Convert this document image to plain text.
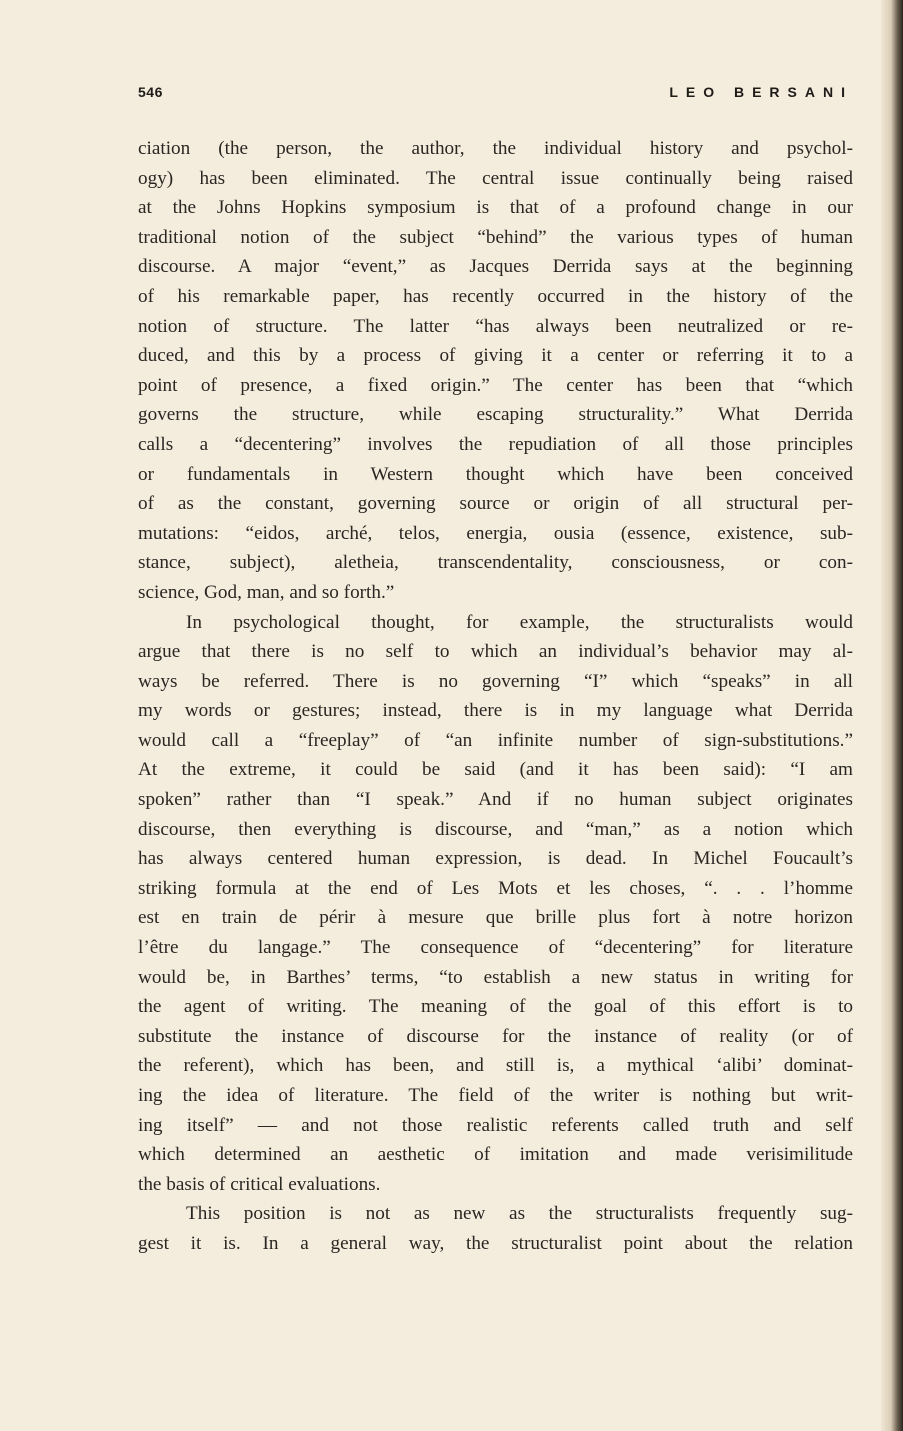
546	LEO BERSANI
ciation (the person, the author, the individual history and psychol-
ogy) has been eliminated. The central issue continually being raised
at the Johns Hopkins symposium is that of a profound change in our
traditional notion of the subject “behind” the various types of human
discourse. A major “event,” as Jacques Derrida says at the beginning
of his remarkable paper, has recently occurred in the history of the
notion of structure. The latter “has always been neutralized or re-
duced, and this by a process of giving it a center or referring it to a
point of presence, a fixed origin.” The center has been that “which
governs the structure, while escaping structurality.” What Derrida
calls a “decentering” involves the repudiation of all those principles
or fundamentals in Western thought which have been conceived
of as the constant, governing source or origin of all structural per-
mutations: “eidos, arché, telos, energia, ousia (essence, existence, sub-
stance, subject), aletheia, transcendentality, consciousness, or con-
science, God, man, and so forth.”
In psychological thought, for example, the structuralists would
argue that there is no self to which an individual’s behavior may al-
ways be referred. There is no governing “I” which “speaks” in all
my words or gestures; instead, there is in my language what Derrida
would call a “freeplay” of “an infinite number of sign-substitutions.”
At the extreme, it could be said (and it has been said): “I am
spoken” rather than “I speak.” And if no human subject originates
discourse, then everything is discourse, and “man,” as a notion which
has always centered human expression, is dead. In Michel Foucault’s
striking formula at the end of Les Mots et les choses, “. . . l’homme
est en train de périr à mesure que brille plus fort à notre horizon
l’être du langage.” The consequence of “decentering” for literature
would be, in Barthes’ terms, “to establish a new status in writing for
the agent of writing. The meaning of the goal of this effort is to
substitute the instance of discourse for the instance of reality (or of
the referent), which has been, and still is, a mythical ‘alibi’ dominat-
ing the idea of literature. The field of the writer is nothing but writ-
ing itself” — and not those realistic referents called truth and self
which determined an aesthetic of imitation and made verisimilitude
the basis of critical evaluations.
This position is not as new as the structuralists frequently sug-
gest it is. In a general way, the structuralist point about the relation
